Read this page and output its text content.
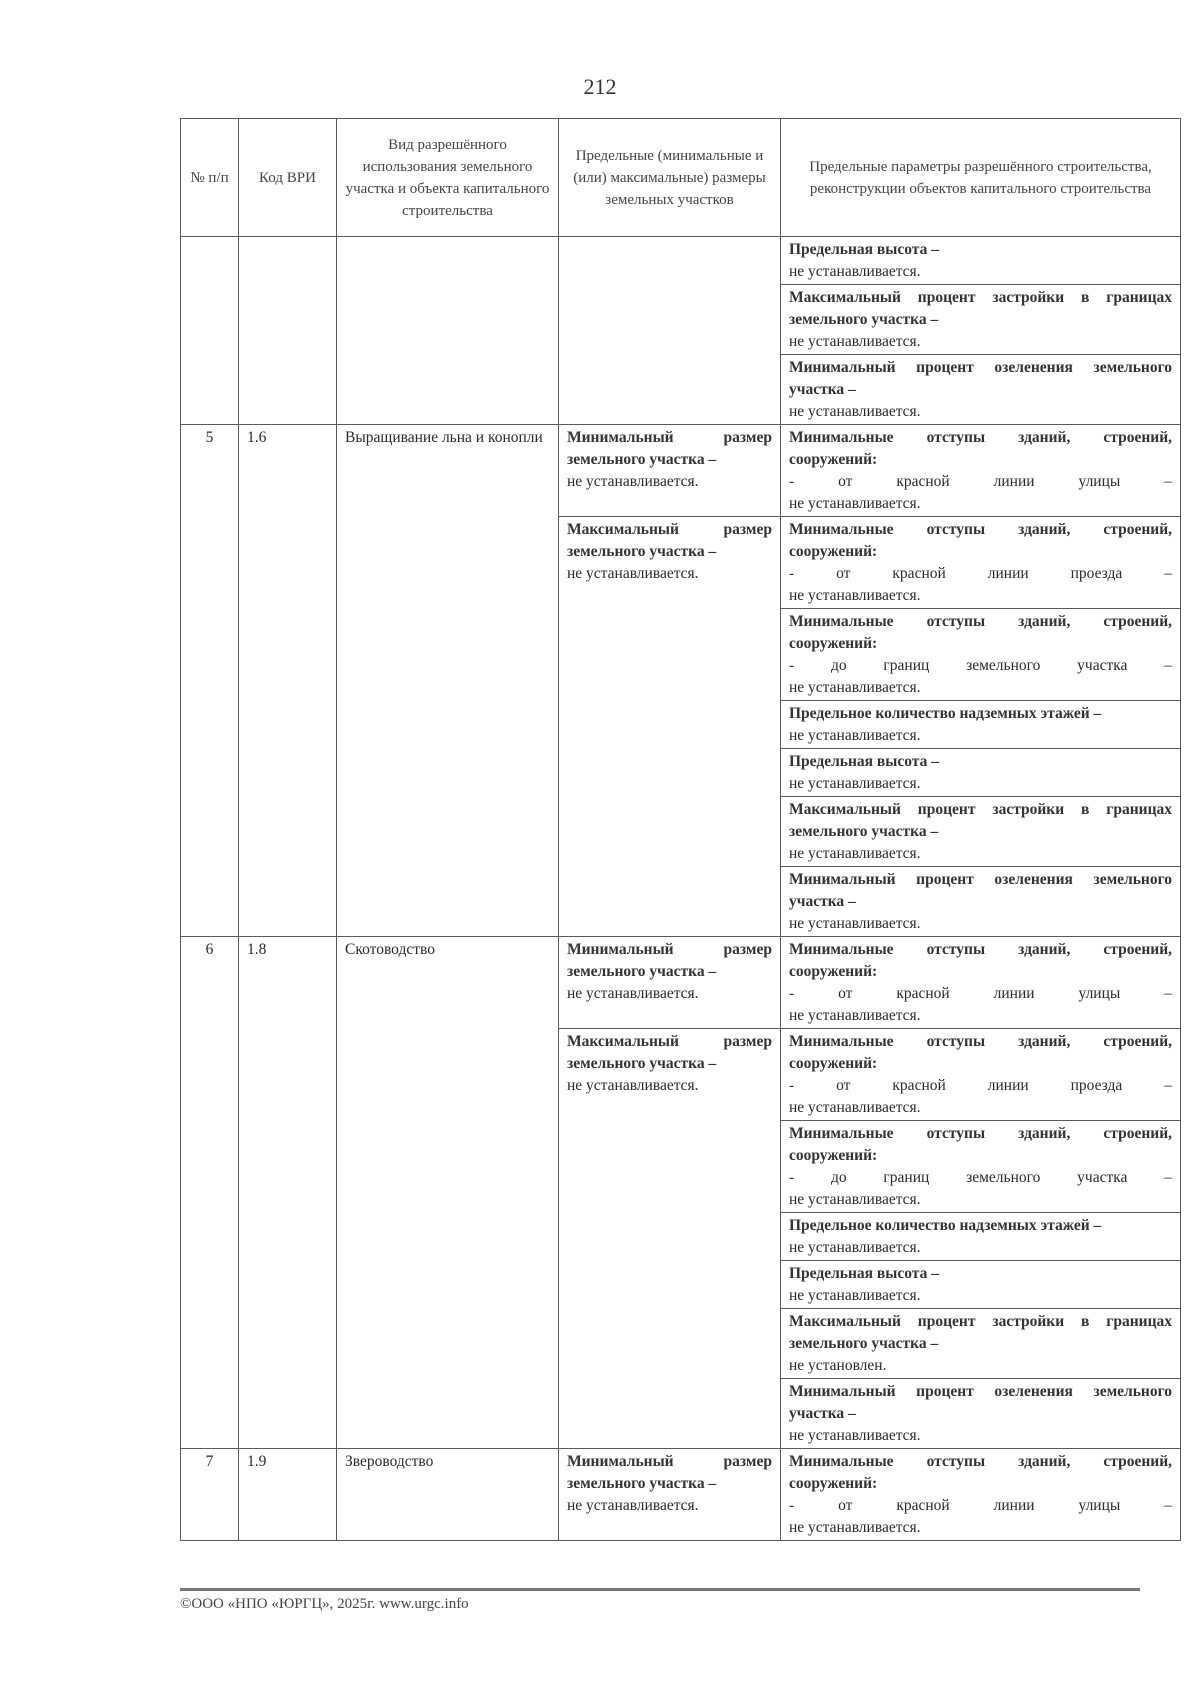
212
№ п/п	Код ВРИ	Вид разрешённого использования земельного участка и объекта капитального строительства	Предельные (минимальные и (или) максимальные) размеры земельных участков	Предельные параметры разрешённого строительства, реконструкции объектов капитального строительства

				Предельная высота –
не устанавливается.

				Максимальный процент застройки в границах земельного участка –
не устанавливается.

				Минимальный процент озеленения земельного участка –
не устанавливается.

5	1.6	Выращивание льна и конопли	Минимальный размер земельного участка –
не устанавливается.	Минимальные отступы зданий, строений, сооружений:
- от красной линии улицы –
не устанавливается.

			Максимальный размер земельного участка –
не устанавливается.	Минимальные отступы зданий, строений, сооружений:
- от красной линии проезда –
не устанавливается.

				Минимальные отступы зданий, строений, сооружений:
- до границ земельного участка –
не устанавливается.

				Предельное количество надземных этажей –
не устанавливается.

				Предельная высота –
не устанавливается.

				Максимальный процент застройки в границах земельного участка –
не устанавливается.

				Минимальный процент озеленения земельного участка –
не устанавливается.

6	1.8	Скотоводство	Минимальный размер земельного участка –
не устанавливается.	Минимальные отступы зданий, строений, сооружений:
- от красной линии улицы –
не устанавливается.

			Максимальный размер земельного участка –
не устанавливается.	Минимальные отступы зданий, строений, сооружений:
- от красной линии проезда –
не устанавливается.

				Минимальные отступы зданий, строений, сооружений:
- до границ земельного участка –
не устанавливается.

				Предельное количество надземных этажей –
не устанавливается.

				Предельная высота –
не устанавливается.

				Максимальный процент застройки в границах земельного участка –
не установлен.

				Минимальный процент озеленения земельного участка –
не устанавливается.

7	1.9	Звероводство	Минимальный размер земельного участка –
не устанавливается.	Минимальные отступы зданий, строений, сооружений:
- от красной линии улицы –
не устанавливается.
©ООО «НПО «ЮРГЦ», 2025г. www.urgc.info
